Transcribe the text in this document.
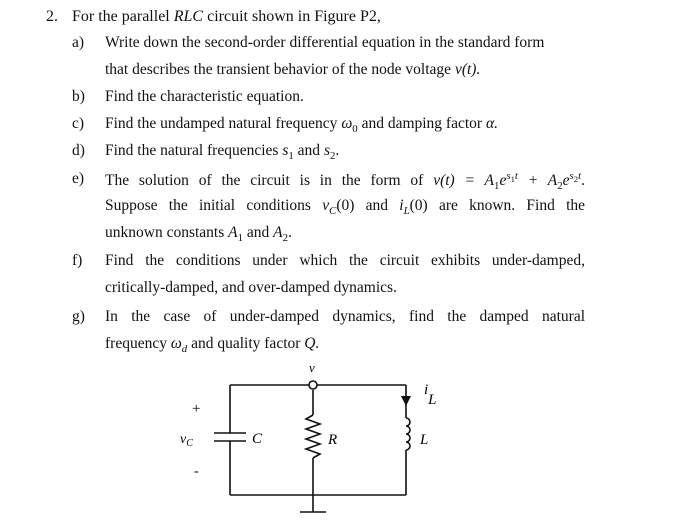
2. For the parallel RLC circuit shown in Figure P2,
a)	Write down the second-order differential equation in the standard form
that describes the transient behavior of the node voltage v(t).
b)	Find the characteristic equation.
c)	Find the undamped natural frequency $\omega_0$ and damping factor α.
d)	Find the natural frequencies $s_1$ and $s_2$.
e)	The solution of the circuit is in the form of $v(t) = A_1e^{s_1t} + A_2e^{s_2t}$.
Suppose the initial conditions $v_C(0)$ and $i_L(0)$ are known. Find the
unknown constants $A_1$ and $A_2$.
f)	Find the conditions under which the circuit exhibits under-damped,
critically-damped, and over-damped dynamics.
g)	In the case of under-damped dynamics, find the damped natural
frequency $\omega_d$ and quality factor Q.
v
+
-
$v_C$	C	R	L
iL
